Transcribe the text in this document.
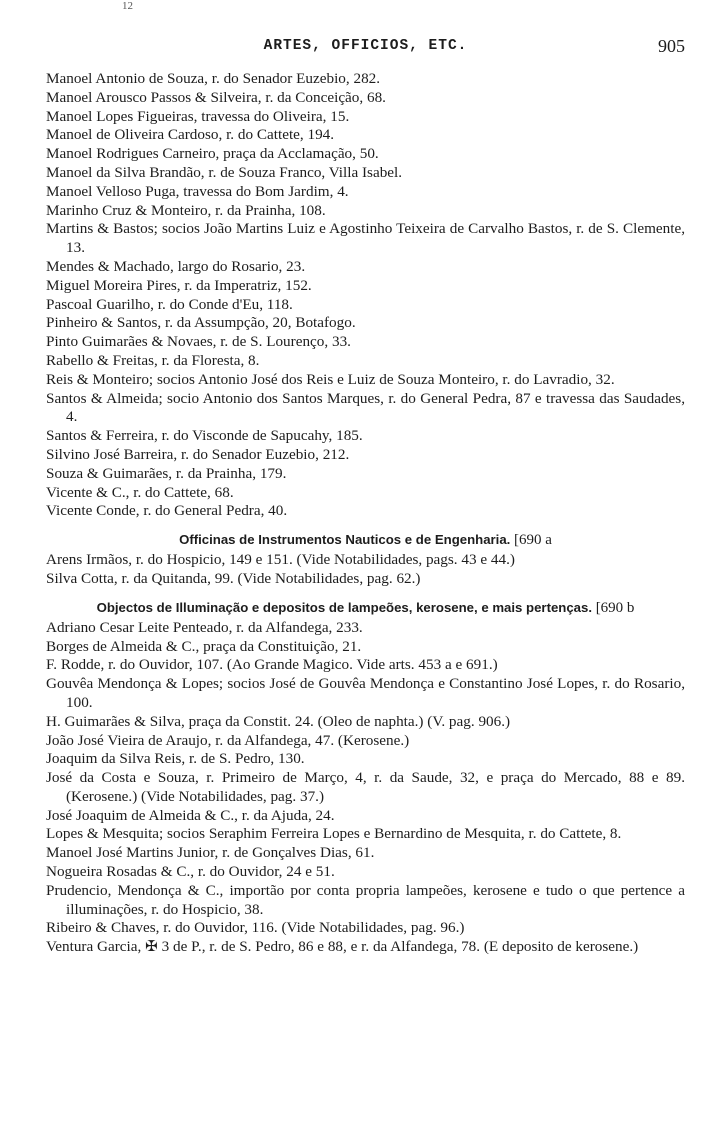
12
ARTES, OFFICIOS, ETC.	905

Manoel Antonio de Souza, r. do Senador Euzebio, 282.

Manoel Arousco Passos & Silveira, r. da Conceição, 68.

Manoel Lopes Figueiras, travessa do Oliveira, 15.

Manoel de Oliveira Cardoso, r. do Cattete, 194.

Manoel Rodrigues Carneiro, praça da Acclamação, 50.

Manoel da Silva Brandão, r. de Souza Franco, Villa Isabel.

Manoel Velloso Puga, travessa do Bom Jardim, 4.

Marinho Cruz & Monteiro, r. da Prainha, 108.

Martins & Bastos; socios João Martins Luiz e Agostinho Teixeira de Carvalho Bastos, r. de S. Clemente, 13.

Mendes & Machado, largo do Rosario, 23.

Miguel Moreira Pires, r. da Imperatriz, 152.

Pascoal Guarilho, r. do Conde d'Eu, 118.

Pinheiro & Santos, r. da Assumpção, 20, Botafogo.

Pinto Guimarães & Novaes, r. de S. Lourenço, 33.

Rabello & Freitas, r. da Floresta, 8.

Reis & Monteiro; socios Antonio José dos Reis e Luiz de Souza Monteiro, r. do Lavradio, 32.

Santos & Almeida; socio Antonio dos Santos Marques, r. do General Pedra, 87 e travessa das Saudades, 4.

Santos & Ferreira, r. do Visconde de Sapucahy, 185.

Silvino José Barreira, r. do Senador Euzebio, 212.

Souza & Guimarães, r. da Prainha, 179.

Vicente & C., r. do Cattete, 68.

Vicente Conde, r. do General Pedra, 40.

Officinas de Instrumentos Nauticos e de Engenharia. [690 a

Arens Irmãos, r. do Hospicio, 149 e 151. (Vide Notabilidades, pags. 43 e 44.)

Silva Cotta, r. da Quitanda, 99. (Vide Notabilidades, pag. 62.)

Objectos de Illuminação e depositos de lampeões, kerosene, e mais pertenças. [690 b

Adriano Cesar Leite Penteado, r. da Alfandega, 233.

Borges de Almeida & C., praça da Constituição, 21.

F. Rodde, r. do Ouvidor, 107. (Ao Grande Magico. Vide arts. 453 a e 691.)

Gouvêa Mendonça & Lopes; socios José de Gouvêa Mendonça e Constantino José Lopes, r. do Rosario, 100.

H. Guimarães & Silva, praça da Constit. 24. (Oleo de naphta.) (V. pag. 906.)

João José Vieira de Araujo, r. da Alfandega, 47. (Kerosene.)

Joaquim da Silva Reis, r. de S. Pedro, 130.

José da Costa e Souza, r. Primeiro de Março, 4, r. da Saude, 32, e praça do Mercado, 88 e 89. (Kerosene.) (Vide Notabilidades, pag. 37.)

José Joaquim de Almeida & C., r. da Ajuda, 24.

Lopes & Mesquita; socios Seraphim Ferreira Lopes e Bernardino de Mesquita, r. do Cattete, 8.

Manoel José Martins Junior, r. de Gonçalves Dias, 61.

Nogueira Rosadas & C., r. do Ouvidor, 24 e 51.

Prudencio, Mendonça & C., importão por conta propria lampeões, kerosene e tudo o que pertence a illuminações, r. do Hospicio, 38.

Ribeiro & Chaves, r. do Ouvidor, 116. (Vide Notabilidades, pag. 96.)

Ventura Garcia, ✠ 3 de P., r. de S. Pedro, 86 e 88, e r. da Alfandega, 78. (E deposito de kerosene.)
